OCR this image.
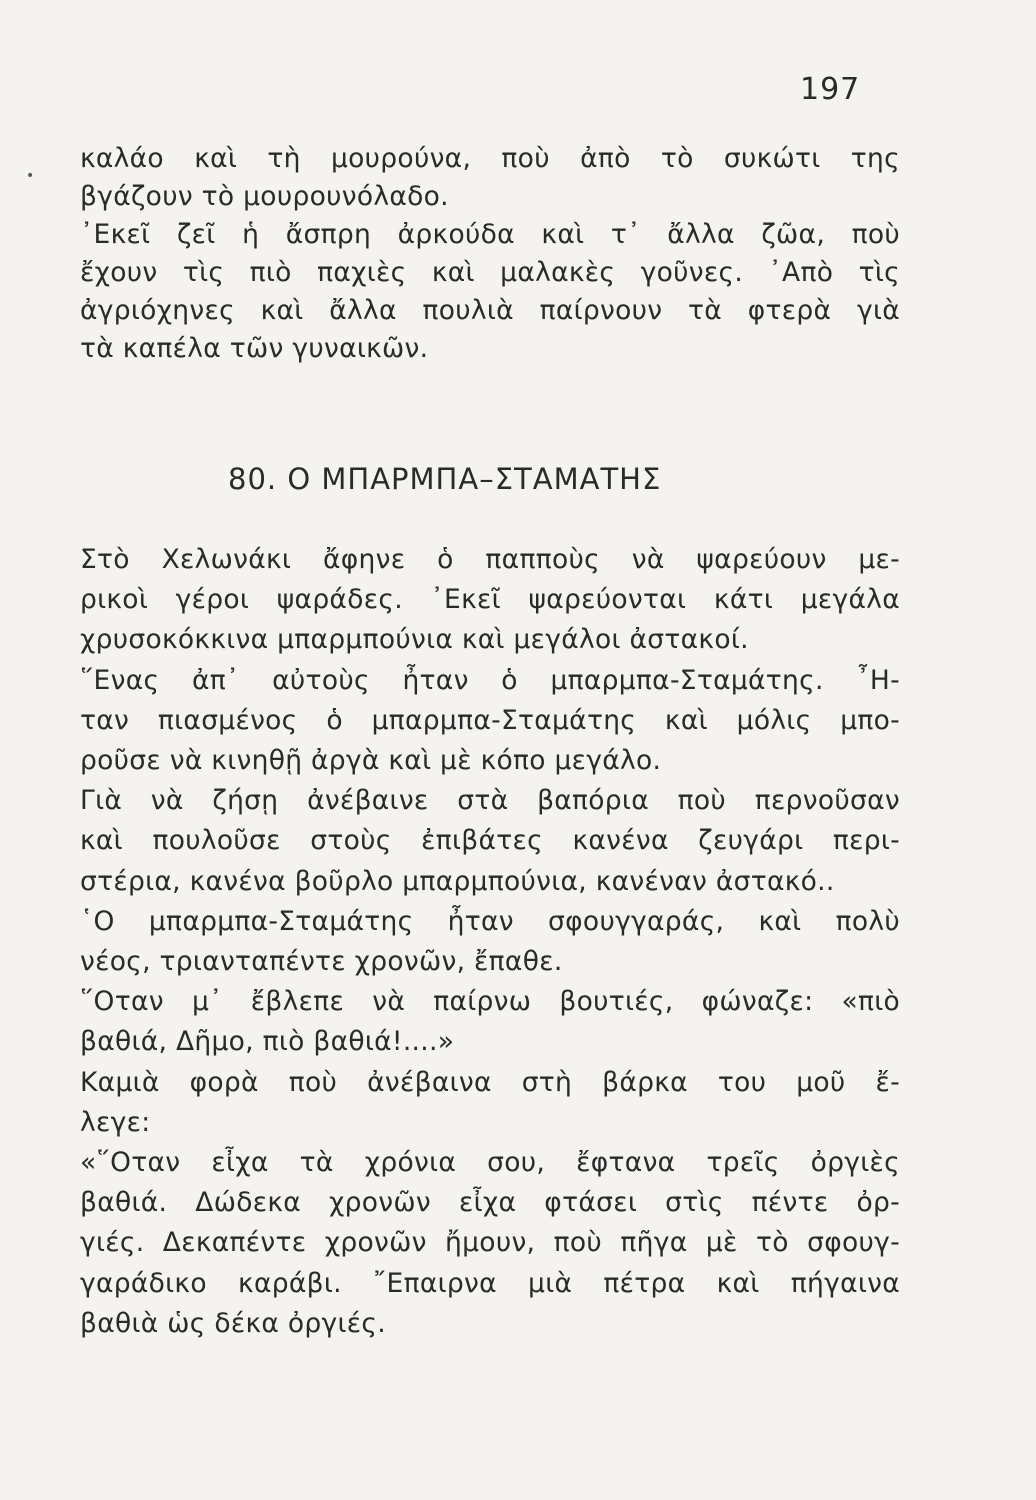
197
•
καλάο καὶ τὴ μουρούνα, ποὺ ἀπὸ τὸ συκώτι της
βγάζουν τὸ μουρουνόλαδο.
᾿Εκεῖ ζεῖ ἡ ἄσπρη ἀρκούδα καὶ τ᾿ ἄλλα ζῶα, ποὺ
ἔχουν τὶς πιὸ παχιὲς καὶ μαλακὲς γοῦνες. ᾿Απὸ τὶς
ἀγριόχηνες καὶ ἄλλα πουλιὰ παίρνουν τὰ φτερὰ γιὰ
τὰ καπέλα τῶν γυναικῶν.
80. Ο ΜΠΑΡΜΠΑ–ΣΤΑΜΑΤΗΣ
Στὸ Χελωνάκι ἄφηνε ὁ παπποὺς νὰ ψαρεύουν με-
ρικοὶ γέροι ψαράδες. ᾿Εκεῖ ψαρεύονται κάτι μεγάλα
χρυσοκόκκινα μπαρμπούνια καὶ μεγάλοι ἀστακοί.
῞Ενας ἀπ᾿ αὐτοὺς ἦταν ὁ μπαρμπα-Σταμάτης. ῏Η-
ταν πιασμένος ὁ μπαρμπα-Σταμάτης καὶ μόλις μπο-
ροῦσε νὰ κινηθῇ ἀργὰ καὶ μὲ κόπο μεγάλο.
Γιὰ νὰ ζήσῃ ἀνέβαινε στὰ βαπόρια ποὺ περνοῦσαν
καὶ πουλοῦσε στοὺς ἐπιβάτες κανένα ζευγάρι περι-
στέρια, κανένα βοῦρλο μπαρμπούνια, κανέναν ἀστακό..
῾Ο μπαρμπα-Σταμάτης ἦταν σφουγγαράς, καὶ πολὺ
νέος, τριανταπέντε χρονῶν, ἔπαθε.
῞Οταν μ᾿ ἔβλεπε νὰ παίρνω βουτιές, φώναζε: «πιὸ
βαθιά, Δῆμο, πιὸ βαθιά!....»
Καμιὰ φορὰ ποὺ ἀνέβαινα στὴ βάρκα του μοῦ ἔ-
λεγε:
«῞Οταν εἶχα τὰ χρόνια σου, ἔφτανα τρεῖς ὀργιὲς
βαθιά. Δώδεκα χρονῶν εἶχα φτάσει στὶς πέντε ὀρ-
γιές. Δεκαπέντε χρονῶν ἤμουν, ποὺ πῆγα μὲ τὸ σφουγ-
γαράδικο καράβι. ῎Επαιρνα μιὰ πέτρα καὶ πήγαινα
βαθιὰ ὡς δέκα ὀργιές.
